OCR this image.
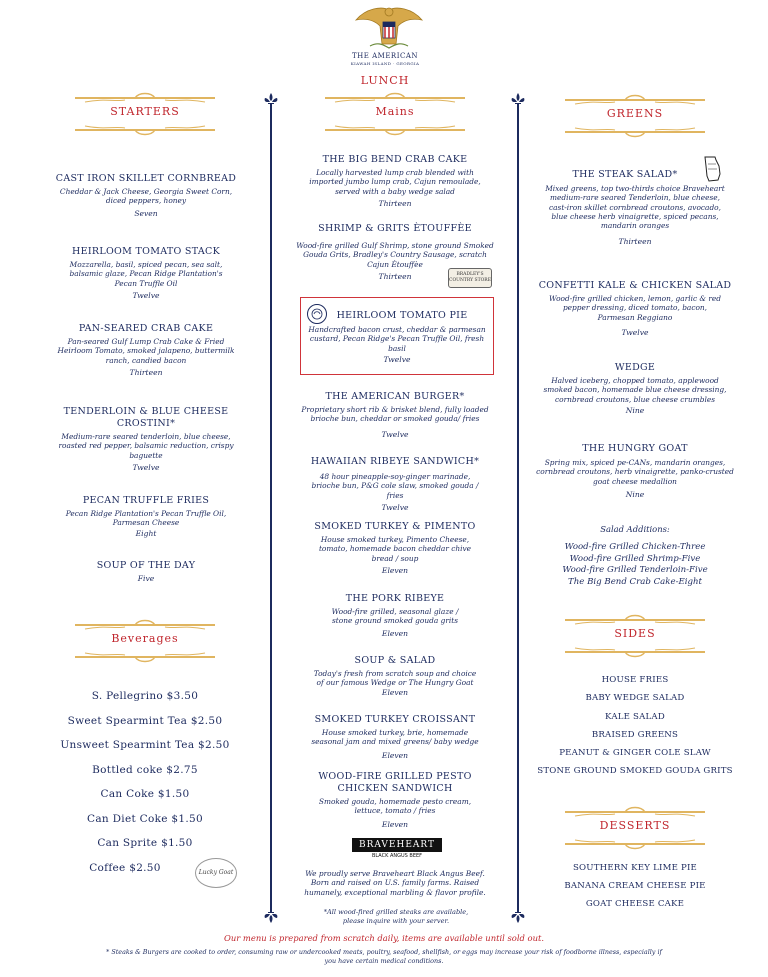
THE AMERICAN
KIAWAH ISLAND · GEORGIA
LUNCH
STARTERS	Mains	GREENS
Beverages	SIDES
DESSERTS
CAST IRON SKILLET CORNBREAD
Cheddar & Jack Cheese, Georgia Sweet Corn, diced peppers, honey
Seven
HEIRLOOM TOMATO STACK
Mozzarella, basil, spiced pecan, sea salt, balsamic glaze, Pecan Ridge Plantation's Pecan Truffle Oil
Twelve
PAN-SEARED CRAB CAKE
Pan-seared Gulf Lump Crab Cake & Fried Heirloom Tomato, smoked jalapeno, buttermilk ranch, candied bacon
Thirteen
TENDERLOIN & BLUE CHEESE CROSTINI*
Medium-rare seared tenderloin, blue cheese, roasted red pepper, balsamic reduction, crispy baguette
Twelve
PECAN TRUFFLE FRIES
Pecan Ridge Plantation's Pecan Truffle Oil, Parmesan Cheese
Eight
SOUP OF THE DAY
Five
S. Pellegrino $3.50
Sweet Spearmint Tea $2.50
Unsweet Spearmint Tea $2.50
Bottled coke $2.75
Can Coke $1.50
Can Diet Coke $1.50
Can Sprite $1.50
Coffee $2.50	Lucky Goat
THE BIG BEND CRAB CAKE
Locally harvested lump crab blended with imported jumbo lump crab, Cajun remoulade, served with a baby wedge salad
Thirteen
SHRIMP & GRITS ÈTOUFFÈE
Wood-fire grilled Gulf Shrimp, stone ground Smoked Gouda Grits, Bradley's Country Sausage, scratch Cajun Ètouffèe
Thirteen	BRADLEY'S COUNTRY STORE
HEIRLOOM TOMATO PIE
Handcrafted bacon crust, cheddar & parmesan custard, Pecan Ridge's Pecan Truffle Oil, fresh basil
Twelve
THE AMERICAN BURGER*
Proprietary short rib & brisket blend, fully loaded brioche bun, cheddar or smoked gouda/ fries
Twelve
HAWAIIAN RIBEYE SANDWICH*
48 hour pineapple-soy-ginger marinade, brioche bun, P&G cole slaw, smoked gouda / fries
Twelve
SMOKED TURKEY & PIMENTO
House smoked turkey, Pimento Cheese, tomato, homemade bacon cheddar chive bread / soup
Eleven
THE PORK RIBEYE
Wood-fire grilled, seasonal glaze / stone ground smoked gouda grits
Eleven
SOUP & SALAD
Today's fresh from scratch soup and choice of our famous Wedge or The Hungry Goat
Eleven
SMOKED TURKEY CROISSANT
House smoked turkey, brie, homemade seasonal jam and mixed greens/ baby wedge
Eleven
WOOD-FIRE GRILLED PESTO CHICKEN SANDWICH
Smoked gouda, homemade pesto cream, lettuce, tomato / fries
Eleven
BRAVEHEART
BLACK ANGUS BEEF
We proudly serve Braveheart Black Angus Beef. Born and raised on U.S. family farms. Raised humanely, exceptional marbling & flavor profile.
*All wood-fired grilled steaks are available, please inquire with your server.
THE STEAK SALAD*
Mixed greens, top two-thirds choice Braveheart medium-rare seared Tenderloin, blue cheese, cast-iron skillet cornbread croutons, avocado, blue cheese herb vinaigrette, spiced pecans, mandarin oranges
Thirteen
CONFETTI KALE & CHICKEN SALAD
Wood-fire grilled chicken, lemon, garlic & red pepper dressing, diced tomato, bacon, Parmesan Reggiano
Twelve
WEDGE
Halved iceberg, chopped tomato, applewood smoked bacon, homemade blue cheese dressing, cornbread croutons, blue cheese crumbles
Nine
THE HUNGRY GOAT
Spring mix, spiced pe-CANs, mandarin oranges, cornbread croutons, herb vinaigrette, panko-crusted goat cheese medallion
Nine
Salad Additions:
Wood-fire Grilled Chicken-Three
Wood-fire Grilled Shrimp-Five
Wood-fire Grilled Tenderloin-Five
The Big Bend Crab Cake-Eight
HOUSE FRIES
BABY WEDGE SALAD
KALE SALAD
BRAISED GREENS
PEANUT & GINGER COLE SLAW
STONE GROUND SMOKED GOUDA GRITS
SOUTHERN KEY LIME PIE
BANANA CREAM CHEESE PIE
GOAT CHEESE CAKE
Our menu is prepared from scratch daily, items are available until sold out.
* Steaks & Burgers are cooked to order, consuming raw or undercooked meats, poultry, seafood, shellfish, or eggs may increase your risk of foodborne illness, especially if you have certain medical conditions.
